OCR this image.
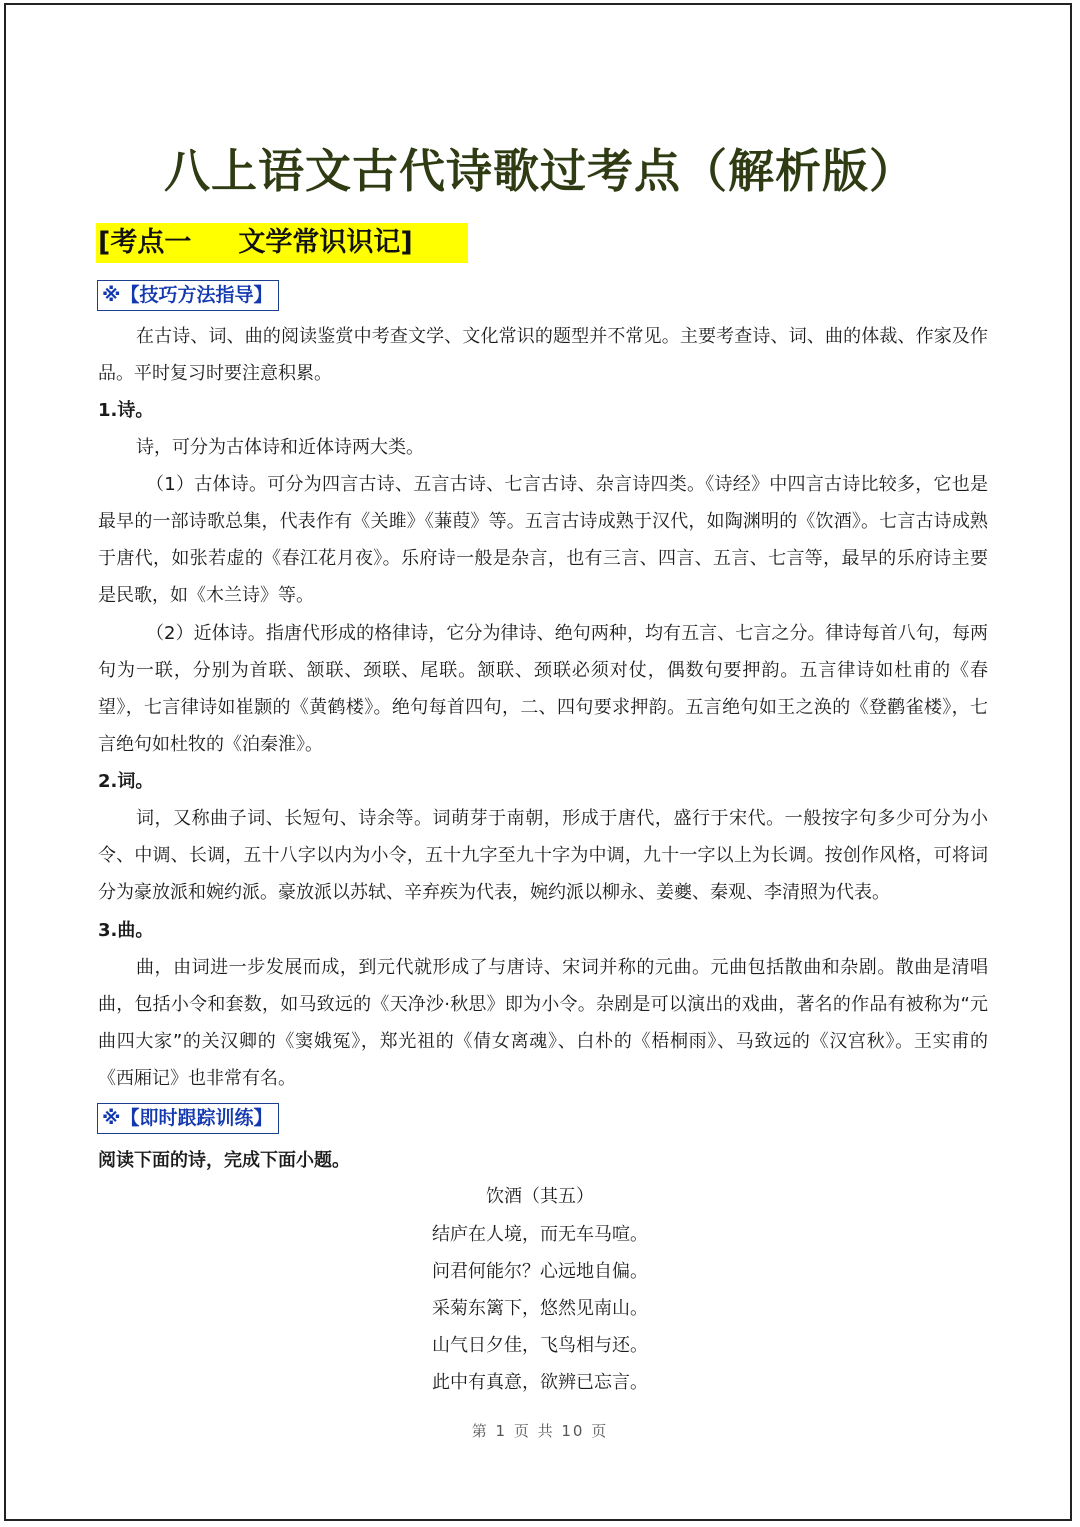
八上语文古代诗歌过考点（解析版）
[考点一     文学常识识记]
※【技巧方法指导】

在古诗、词、曲的阅读鉴赏中考查文学、文化常识的题型并不常见。主要考查诗、词、曲的体裁、作家及作品。平时复习时要注意积累。

1.诗。

诗，可分为古体诗和近体诗两大类。

（1）古体诗。可分为四言古诗、五言古诗、七言古诗、杂言诗四类。《诗经》中四言古诗比较多，它也是最早的一部诗歌总集，代表作有《关雎》《蒹葭》等。五言古诗成熟于汉代，如陶渊明的《饮酒》。七言古诗成熟于唐代，如张若虚的《春江花月夜》。乐府诗一般是杂言，也有三言、四言、五言、七言等，最早的乐府诗主要是民歌，如《木兰诗》等。

（2）近体诗。指唐代形成的格律诗，它分为律诗、绝句两种，均有五言、七言之分。律诗每首八句，每两句为一联，分别为首联、颔联、颈联、尾联。颔联、颈联必须对仗，偶数句要押韵。五言律诗如杜甫的《春望》，七言律诗如崔颢的《黄鹤楼》。绝句每首四句，二、四句要求押韵。五言绝句如王之涣的《登鹳雀楼》，七言绝句如杜牧的《泊秦淮》。

2.词。

词，又称曲子词、长短句、诗余等。词萌芽于南朝，形成于唐代，盛行于宋代。一般按字句多少可分为小令、中调、长调，五十八字以内为小令，五十九字至九十字为中调，九十一字以上为长调。按创作风格，可将词分为豪放派和婉约派。豪放派以苏轼、辛弃疾为代表，婉约派以柳永、姜夔、秦观、李清照为代表。

3.曲。

曲，由词进一步发展而成，到元代就形成了与唐诗、宋词并称的元曲。元曲包括散曲和杂剧。散曲是清唱曲，包括小令和套数，如马致远的《天净沙·秋思》即为小令。杂剧是可以演出的戏曲，著名的作品有被称为“元曲四大家”的关汉卿的《窦娥冤》，郑光祖的《倩女离魂》、白朴的《梧桐雨》、马致远的《汉宫秋》。王实甫的《西厢记》也非常有名。

※【即时跟踪训练】

阅读下面的诗，完成下面小题。

饮酒（其五）

结庐在人境，而无车马喧。

问君何能尔？心远地自偏。

采菊东篱下，悠然见南山。

山气日夕佳，飞鸟相与还。

此中有真意，欲辨已忘言。

第 1 页 共 10 页
